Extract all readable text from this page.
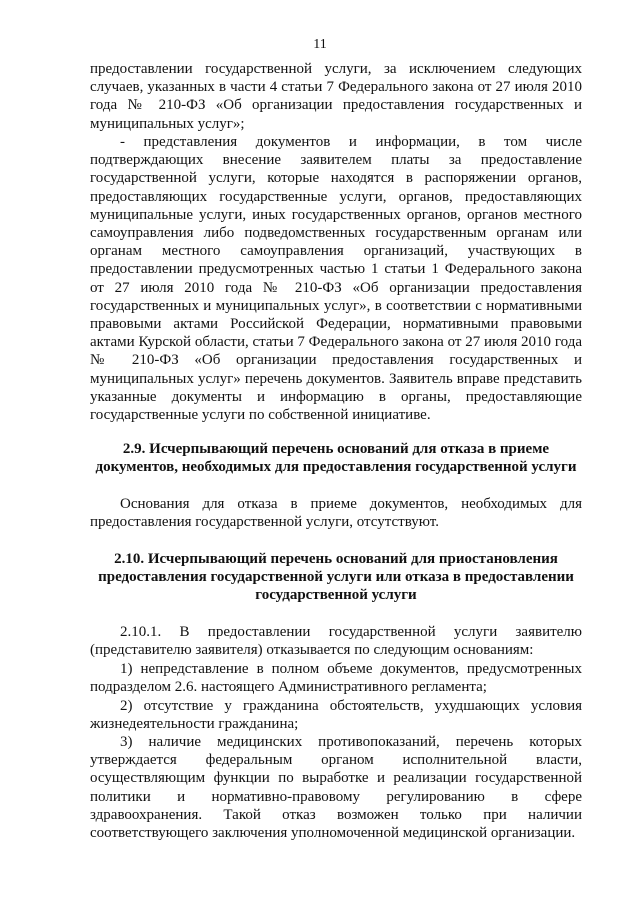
11
предоставлении государственной услуги, за исключением следующих случаев, указанных в части 4 статьи 7 Федерального закона от 27 июля 2010 года № 210-ФЗ «Об организации предоставления государственных и муниципальных услуг»;
- представления документов и информации, в том числе подтверждающих внесение заявителем платы за предоставление государственной услуги, которые находятся в распоряжении органов, предоставляющих государственные услуги, органов, предоставляющих муниципальные услуги, иных государственных органов, органов местного самоуправления либо подведомственных государственным органам или органам местного самоуправления организаций, участвующих в предоставлении предусмотренных частью 1 статьи 1 Федерального закона от 27 июля 2010 года № 210-ФЗ «Об организации предоставления государственных и муниципальных услуг», в соответствии с нормативными правовыми актами Российской Федерации, нормативными правовыми актами Курской области, статьи 7 Федерального закона от 27 июля 2010 года № 210-ФЗ «Об организации предоставления государственных и муниципальных услуг» перечень документов. Заявитель вправе представить указанные документы и информацию в органы, предоставляющие государственные услуги по собственной инициативе.
2.9. Исчерпывающий перечень оснований для отказа в приеме документов, необходимых для предоставления государственной услуги
Основания для отказа в приеме документов, необходимых для предоставления государственной услуги, отсутствуют.
2.10. Исчерпывающий перечень оснований для приостановления предоставления государственной услуги или отказа в предоставлении государственной услуги
2.10.1. В предоставлении государственной услуги заявителю (представителю заявителя) отказывается по следующим основаниям:
1) непредставление в полном объеме документов, предусмотренных подразделом 2.6. настоящего Административного регламента;
2) отсутствие у гражданина обстоятельств, ухудшающих условия жизнедеятельности гражданина;
3) наличие медицинских противопоказаний, перечень которых утверждается федеральным органом исполнительной власти, осуществляющим функции по выработке и реализации государственной политики и нормативно-правовому регулированию в сфере здравоохранения. Такой отказ возможен только при наличии соответствующего заключения уполномоченной медицинской организации.
